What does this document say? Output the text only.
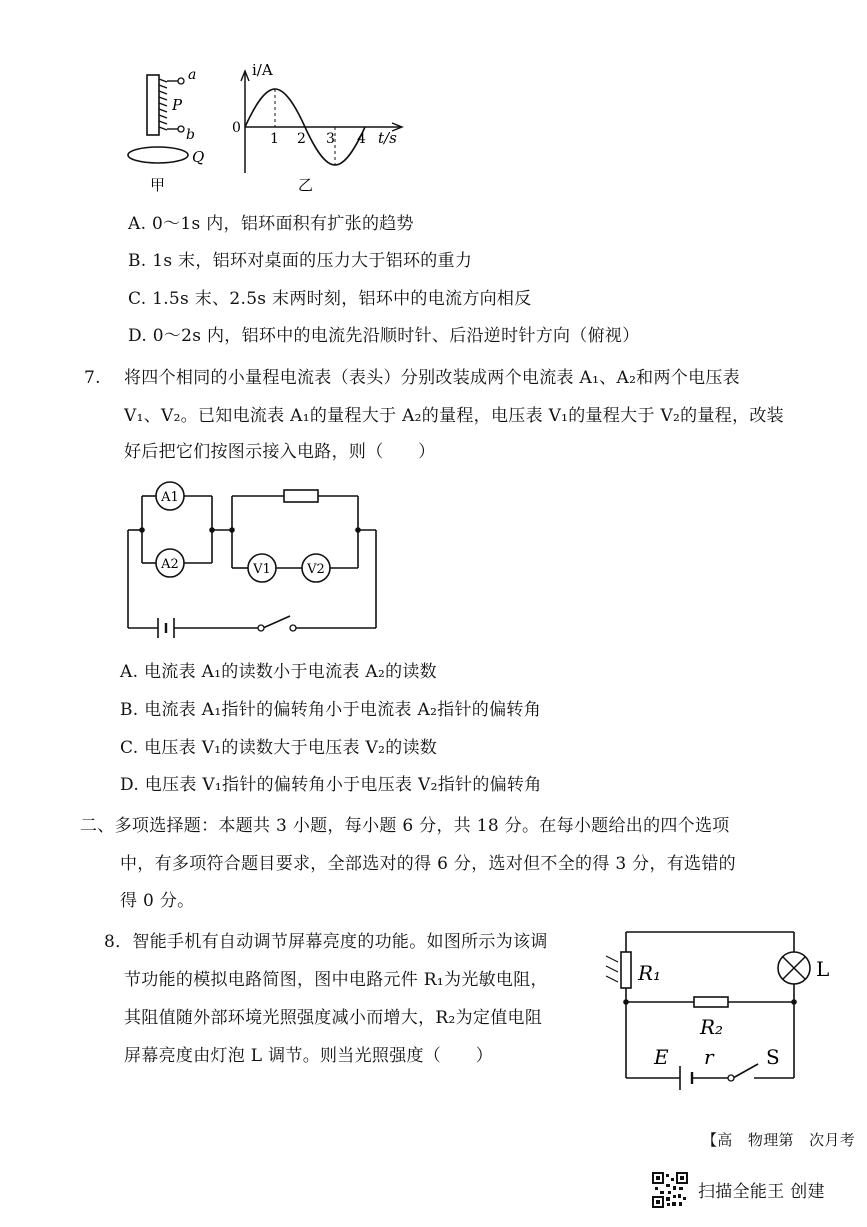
a
P
b
Q
甲
i/A
0
1 2 3 4 t/s
乙
A. 0～1s 内，铝环面积有扩张的趋势
B. 1s 末，铝环对桌面的压力大于铝环的重力
C. 1.5s 末、2.5s 末两时刻，铝环中的电流方向相反
D. 0～2s 内，铝环中的电流先沿顺时针、后沿逆时针方向（俯视）
7. 将四个相同的小量程电流表（表头）分别改装成两个电流表 A₁、A₂和两个电压表
V₁、V₂。已知电流表 A₁的量程大于 A₂的量程，电压表 V₁的量程大于 V₂的量程，改装
好后把它们按图示接入电路，则（　　）
A1
A2	V1	V2
A. 电流表 A₁的读数小于电流表 A₂的读数
B. 电流表 A₁指针的偏转角小于电流表 A₂指针的偏转角
C. 电压表 V₁的读数大于电压表 V₂的读数
D. 电压表 V₁指针的偏转角小于电压表 V₂指针的偏转角
二、多项选择题：本题共 3 小题，每小题 6 分，共 18 分。在每小题给出的四个选项
中，有多项符合题目要求，全部选对的得 6 分，选对但不全的得 3 分，有选错的
得 0 分。
8．智能手机有自动调节屏幕亮度的功能。如图所示为该调
节功能的模拟电路简图，图中电路元件 R₁为光敏电阻，
其阻值随外部环境光照强度减小而增大，R₂为定值电阻
屏幕亮度由灯泡 L 调节。则当光照强度（　　）
R₁	L
R₂
E r	S
【高　物理第　次月考
扫描全能王 创建
